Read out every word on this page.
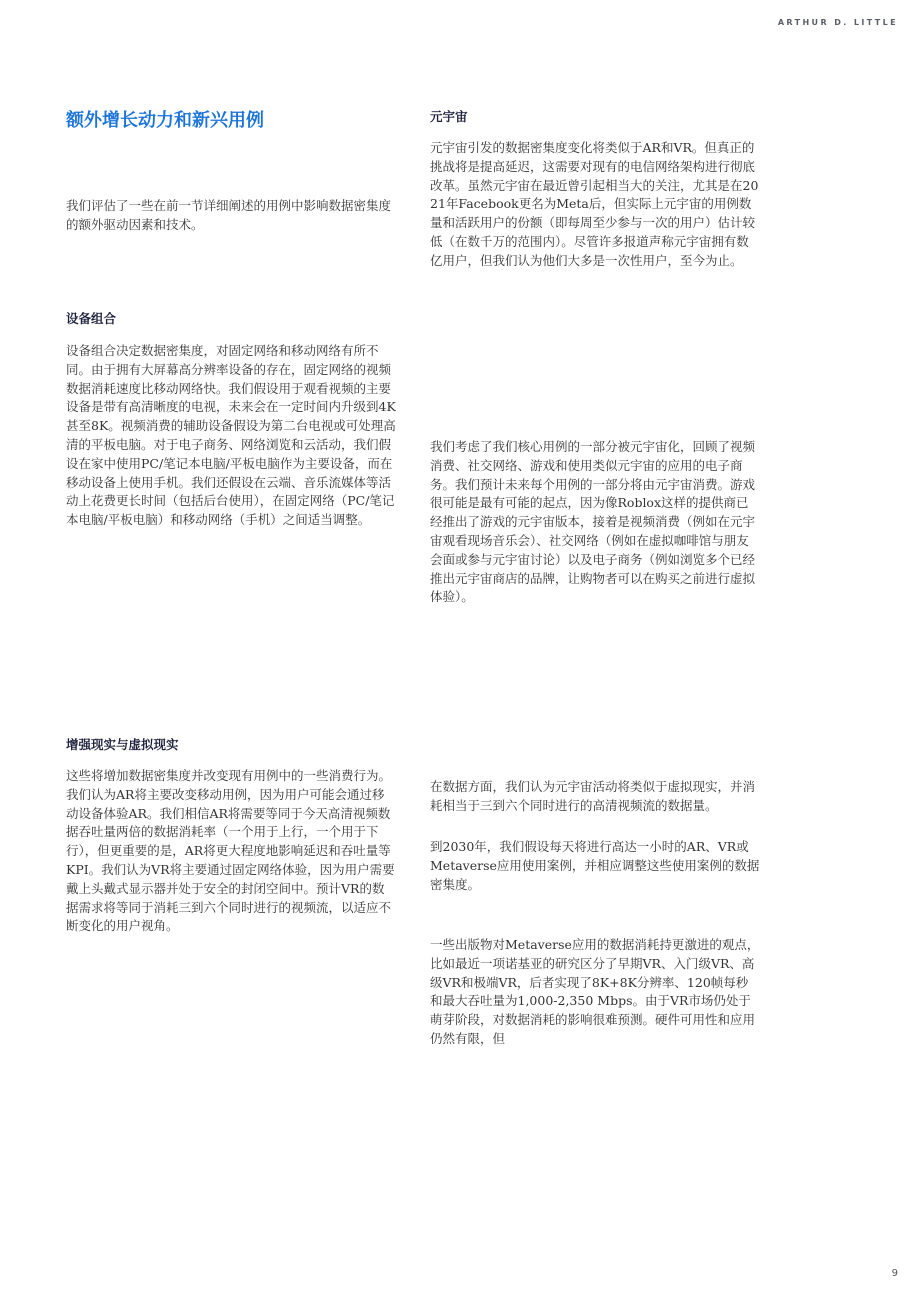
ARTHUR D. LITTLE
额外增长动力和新兴用例

我们评估了一些在前一节详细阐述的用例中影响数据密集度的额外驱动因素和技术。

设备组合

设备组合决定数据密集度，对固定网络和移动网络有所不同。由于拥有大屏幕高分辨率设备的存在，固定网络的视频数据消耗速度比移动网络快。我们假设用于观看视频的主要设备是带有高清晰度的电视，未来会在一定时间内升级到4K甚至8K。视频消费的辅助设备假设为第二台电视或可处理高清的平板电脑。对于电子商务、网络浏览和云活动，我们假设在家中使用PC/笔记本电脑/平板电脑作为主要设备，而在移动设备上使用手机。我们还假设在云端、音乐流媒体等活动上花费更长时间（包括后台使用），在固定网络（PC/笔记本电脑/平板电脑）和移动网络（手机）之间适当调整。

增强现实与虚拟现实

这些将增加数据密集度并改变现有用例中的一些消费行为。我们认为AR将主要改变移动用例，因为用户可能会通过移动设备体验AR。我们相信AR将需要等同于今天高清视频数据吞吐量两倍的数据消耗率（一个用于上行，一个用于下行），但更重要的是，AR将更大程度地影响延迟和吞吐量等KPI。我们认为VR将主要通过固定网络体验，因为用户需要戴上头戴式显示器并处于安全的封闭空间中。预计VR的数据需求将等同于消耗三到六个同时进行的视频流，以适应不断变化的用户视角。

元宇宙

元宇宙引发的数据密集度变化将类似于AR和VR。但真正的挑战将是提高延迟，这需要对现有的电信网络架构进行彻底改革。虽然元宇宙在最近曾引起相当大的关注，尤其是在2021年Facebook更名为Meta后，但实际上元宇宙的用例数量和活跃用户的份额（即每周至少参与一次的用户）估计较低（在数千万的范围内）。尽管许多报道声称元宇宙拥有数亿用户，但我们认为他们大多是一次性用户，至今为止。

我们考虑了我们核心用例的一部分被元宇宙化，回顾了视频消费、社交网络、游戏和使用类似元宇宙的应用的电子商务。我们预计未来每个用例的一部分将由元宇宙消费。游戏很可能是最有可能的起点，因为像Roblox这样的提供商已经推出了游戏的元宇宙版本，接着是视频消费（例如在元宇宙观看现场音乐会）、社交网络（例如在虚拟咖啡馆与朋友会面或参与元宇宙讨论）以及电子商务（例如浏览多个已经推出元宇宙商店的品牌，让购物者可以在购买之前进行虚拟体验）。

在数据方面，我们认为元宇宙活动将类似于虚拟现实，并消耗相当于三到六个同时进行的高清视频流的数据量。

到2030年，我们假设每天将进行高达一小时的AR、VR或Metaverse应用使用案例，并相应调整这些使用案例的数据密集度。

一些出版物对Metaverse应用的数据消耗持更激进的观点，比如最近一项诺基亚的研究区分了早期VR、入门级VR、高级VR和极端VR，后者实现了8K+8K分辨率、120帧每秒和最大吞吐量为1,000-2,350 Mbps。由于VR市场仍处于萌芽阶段，对数据消耗的影响很难预测。硬件可用性和应用仍然有限，但

9
